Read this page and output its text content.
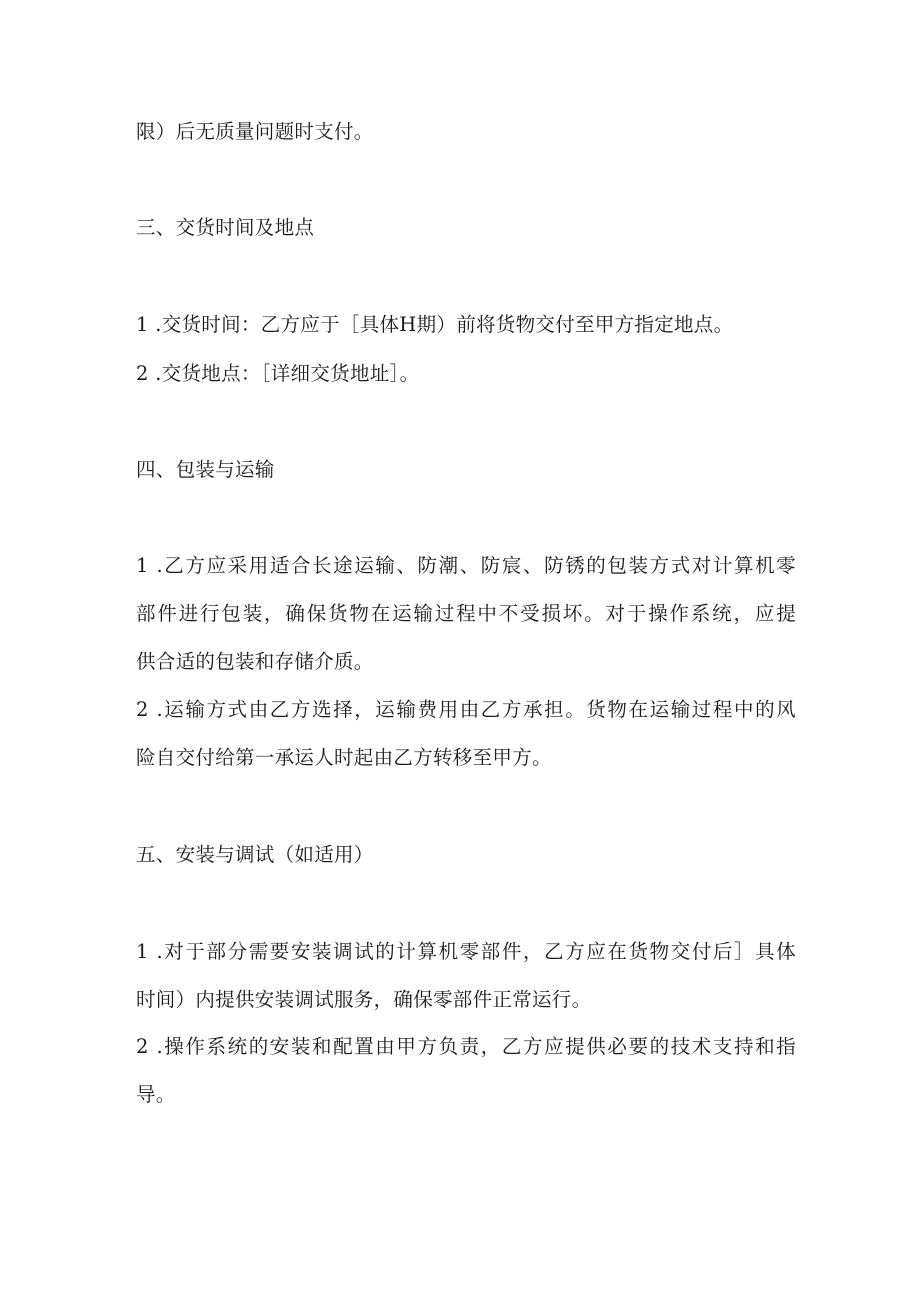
限）后无质量问题时支付。
三、交货时间及地点
1 .交货时间：乙方应于［具体H期）前将货物交付至甲方指定地点。
2 .交货地点：［详细交货地址］。
四、包装与运输
1 .乙方应采用适合长途运输、防潮、防宸、防锈的包装方式对计算机零
部件进行包装，确保货物在运输过程中不受损坏。对于操作系统，应提
供合适的包装和存储介质。
2 .运输方式由乙方选择，运输费用由乙方承担。货物在运输过程中的风
险自交付给第一承运人时起由乙方转移至甲方。
五、安装与调试（如适用）
1 .对于部分需要安装调试的计算机零部件，乙方应在货物交付后］具体
时间）内提供安装调试服务，确保零部件正常运行。
2 .操作系统的安装和配置由甲方负责，乙方应提供必要的技术支持和指
导。
